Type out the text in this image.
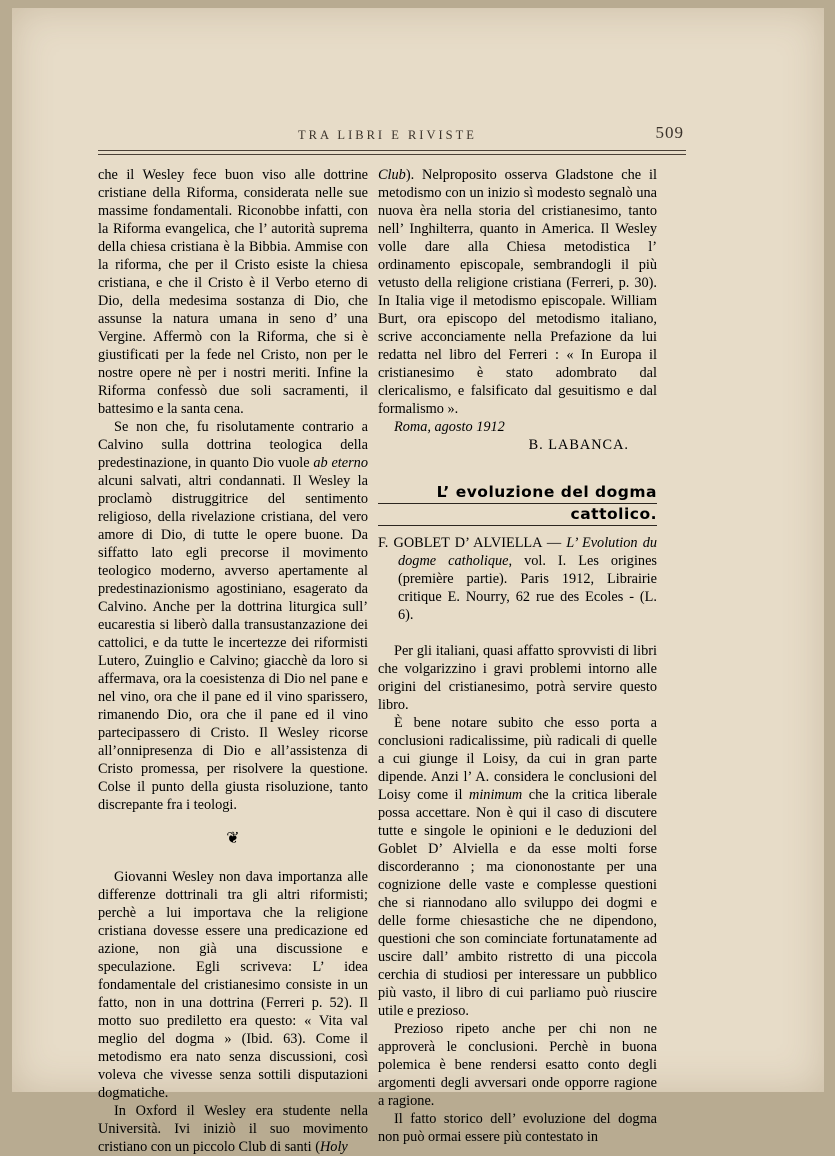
TRA LIBRI E RIVISTE	509

che il Wesley fece buon viso alle dottrine cristiane della Riforma, considerata nelle sue massime fondamentali. Riconobbe infatti, con la Riforma evangelica, che l’ autorità suprema della chiesa cristiana è la Bibbia. Ammise con la riforma, che per il Cristo esiste la chiesa cristiana, e che il Cristo è il Verbo eterno di Dio, della medesima sostanza di Dio, che assunse la natura umana in seno d’ una Vergine. Affermò con la Riforma, che si è giustificati per la fede nel Cristo, non per le nostre opere nè per i nostri meriti. Infine la Riforma confessò due soli sacramenti, il battesimo e la santa cena.

Se non che, fu risolutamente contrario a Calvino sulla dottrina teologica della predestinazione, in quanto Dio vuole ab eterno alcuni salvati, altri condannati. Il Wesley la proclamò distruggitrice del sentimento religioso, della rivelazione cristiana, del vero amore di Dio, di tutte le opere buone. Da siffatto lato egli precorse il movimento teologico moderno, avverso apertamente al predestinazionismo agostiniano, esagerato da Calvino. Anche per la dottrina liturgica sull’ eucarestia si liberò dalla transustanzazione dei cattolici, e da tutte le incertezze dei riformisti Lutero, Zuinglio e Calvino; giacchè da loro si affermava, ora la coesistenza di Dio nel pane e nel vino, ora che il pane ed il vino sparissero, rimanendo Dio, ora che il pane ed il vino partecipassero di Cristo. Il Wesley ricorse all’onnipresenza di Dio e all’assistenza di Cristo promessa, per risolvere la questione. Colse il punto della giusta risoluzione, tanto discrepante fra i teologi.

❦

Giovanni Wesley non dava importanza alle differenze dottrinali tra gli altri riformisti; perchè a lui importava che la religione cristiana dovesse essere una predicazione ed azione, non già una discussione e speculazione. Egli scriveva: L’ idea fondamentale del cristianesimo consiste in un fatto, non in una dottrina (Ferreri p. 52). Il motto suo prediletto era questo: « Vita val meglio del dogma » (Ibid. 63). Come il metodismo era nato senza discussioni, così voleva che vivesse senza sottili disputazioni dogmatiche.

In Oxford il Wesley era studente nella Università. Ivi iniziò il suo movimento cristiano con un piccolo Club di santi (Holy

Club). Nelproposito osserva Gladstone che il metodismo con un inizio sì modesto segnalò una nuova èra nella storia del cristianesimo, tanto nell’ Inghilterra, quanto in America. Il Wesley volle dare alla Chiesa metodistica l’ ordinamento episcopale, sembrandogli il più vetusto della religione cristiana (Ferreri, p. 30). In Italia vige il metodismo episcopale. William Burt, ora episcopo del metodismo italiano, scrive acconciamente nella Prefazione da lui redatta nel libro del Ferreri : « In Europa il cristianesimo è stato adombrato dal clericalismo, e falsificato dal gesuitismo e dal formalismo ».

Roma, agosto 1912

B. LABANCA.

L’ evoluzione del dogma
cattolico.

F. GOBLET D’ ALVIELLA — L’ Evolution du dogme catholique, vol. I. Les origines (première partie). Paris 1912, Librairie critique E. Nourry, 62 rue des Ecoles - (L. 6).

Per gli italiani, quasi affatto sprovvisti di libri che volgarizzino i gravi problemi intorno alle origini del cristianesimo, potrà servire questo libro.

È bene notare subito che esso porta a conclusioni radicalissime, più radicali di quelle a cui giunge il Loisy, da cui in gran parte dipende. Anzi l’ A. considera le conclusioni del Loisy come il minimum che la critica liberale possa accettare. Non è qui il caso di discutere tutte e singole le opinioni e le deduzioni del Goblet D’ Alviella e da esse molti forse discorderanno ; ma ciononostante per una cognizione delle vaste e complesse questioni che si riannodano allo sviluppo dei dogmi e delle forme chiesastiche che ne dipendono, questioni che son cominciate fortunatamente ad uscire dall’ ambito ristretto di una piccola cerchia di studiosi per interessare un pubblico più vasto, il libro di cui parliamo può riuscire utile e prezioso.

Prezioso ripeto anche per chi non ne approverà le conclusioni. Perchè in buona polemica è bene rendersi esatto conto degli argomenti degli avversari onde opporre ragione a ragione.

Il fatto storico dell’ evoluzione del dogma non può ormai essere più contestato in
